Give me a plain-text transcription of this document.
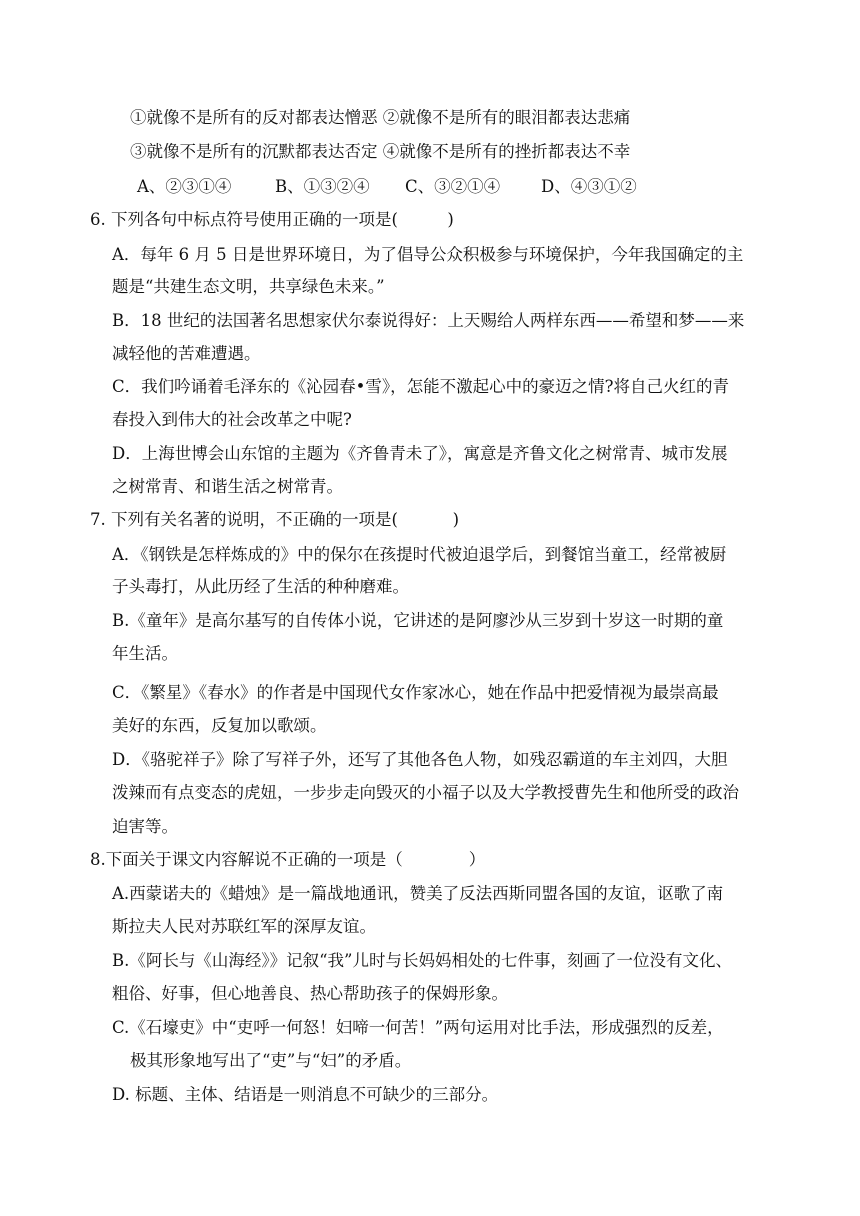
①就像不是所有的反对都表达憎恶 ②就像不是所有的眼泪都表达悲痛
③就像不是所有的沉默都表达否定 ④就像不是所有的挫折都表达不幸
A、②③①④	B、①③②④ C、③②①④ D、④③①②
6. 下列各句中标点符号使用正确的一项是(　　　)
A．每年 6 月 5 日是世界环境日，为了倡导公众积极参与环境保护，今年我国确定的主
题是“共建生态文明，共享绿色未来。”
B．18 世纪的法国著名思想家伏尔泰说得好：上天赐给人两样东西——希望和梦——来
减轻他的苦难遭遇。
C．我们吟诵着毛泽东的《沁园春•雪》，怎能不激起心中的豪迈之情?将自己火红的青
春投入到伟大的社会改革之中呢?
D．上海世博会山东馆的主题为《齐鲁青未了》，寓意是齐鲁文化之树常青、城市发展
之树常青、和谐生活之树常青。
7. 下列有关名著的说明，不正确的一项是(　　　 )
A．《钢铁是怎样炼成的》中的保尔在孩提时代被迫退学后，到餐馆当童工，经常被厨
子头毒打，从此历经了生活的种种磨难。
B.《童年》是高尔基写的自传体小说，它讲述的是阿廖沙从三岁到十岁这一时期的童
年生活。
C．《繁星》《春水》的作者是中国现代女作家冰心，她在作品中把爱情视为最崇高最
美好的东西，反复加以歌颂。
D．《骆驼祥子》除了写祥子外，还写了其他各色人物，如残忍霸道的车主刘四，大胆
泼辣而有点变态的虎妞，一步步走向毁灭的小福子以及大学教授曹先生和他所受的政治
迫害等。
8.下面关于课文内容解说不正确的一项是（　　　　）
A.西蒙诺夫的《蜡烛》是一篇战地通讯，赞美了反法西斯同盟各国的友谊，讴歌了南
斯拉夫人民对苏联红军的深厚友谊。
B.《阿长与《山海经》》记叙“我”儿时与长妈妈相处的七件事，刻画了一位没有文化、
粗俗、好事，但心地善良、热心帮助孩子的保姆形象。
C.《石壕吏》中“吏呼一何怒！妇啼一何苦！”两句运用对比手法，形成强烈的反差，
极其形象地写出了“吏”与“妇”的矛盾。
D. 标题、主体、结语是一则消息不可缺少的三部分。
